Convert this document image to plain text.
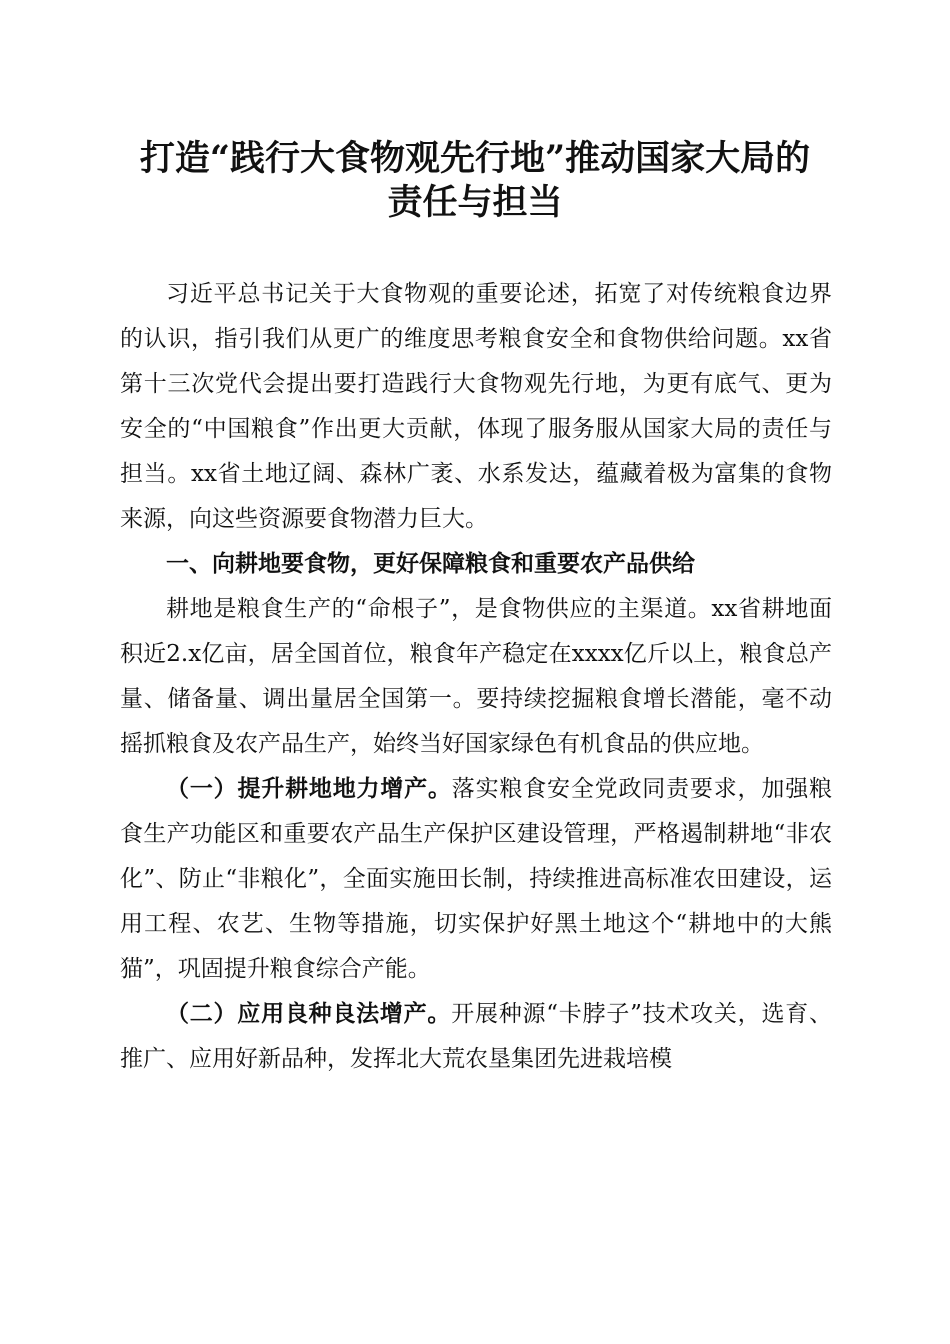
打造“践行大食物观先行地”推动国家大局的
责任与担当

习近平总书记关于大食物观的重要论述，拓宽了对传统粮食边界的认识，指引我们从更广的维度思考粮食安全和食物供给问题。xx省第十三次党代会提出要打造践行大食物观先行地，为更有底气、更为安全的“中国粮食”作出更大贡献，体现了服务服从国家大局的责任与担当。xx省土地辽阔、森林广袤、水系发达，蕴藏着极为富集的食物来源，向这些资源要食物潜力巨大。

一、向耕地要食物，更好保障粮食和重要农产品供给

耕地是粮食生产的“命根子”，是食物供应的主渠道。xx省耕地面积近2.x亿亩，居全国首位，粮食年产稳定在xxxx亿斤以上，粮食总产量、储备量、调出量居全国第一。要持续挖掘粮食增长潜能，毫不动摇抓粮食及农产品生产，始终当好国家绿色有机食品的供应地。

（一）提升耕地地力增产。落实粮食安全党政同责要求，加强粮食生产功能区和重要农产品生产保护区建设管理，严格遏制耕地“非农化”、防止“非粮化”，全面实施田长制，持续推进高标准农田建设，运用工程、农艺、生物等措施，切实保护好黑土地这个“耕地中的大熊猫”，巩固提升粮食综合产能。

（二）应用良种良法增产。开展种源“卡脖子”技术攻关，选育、推广、应用好新品种，发挥北大荒农垦集团先进栽培模
